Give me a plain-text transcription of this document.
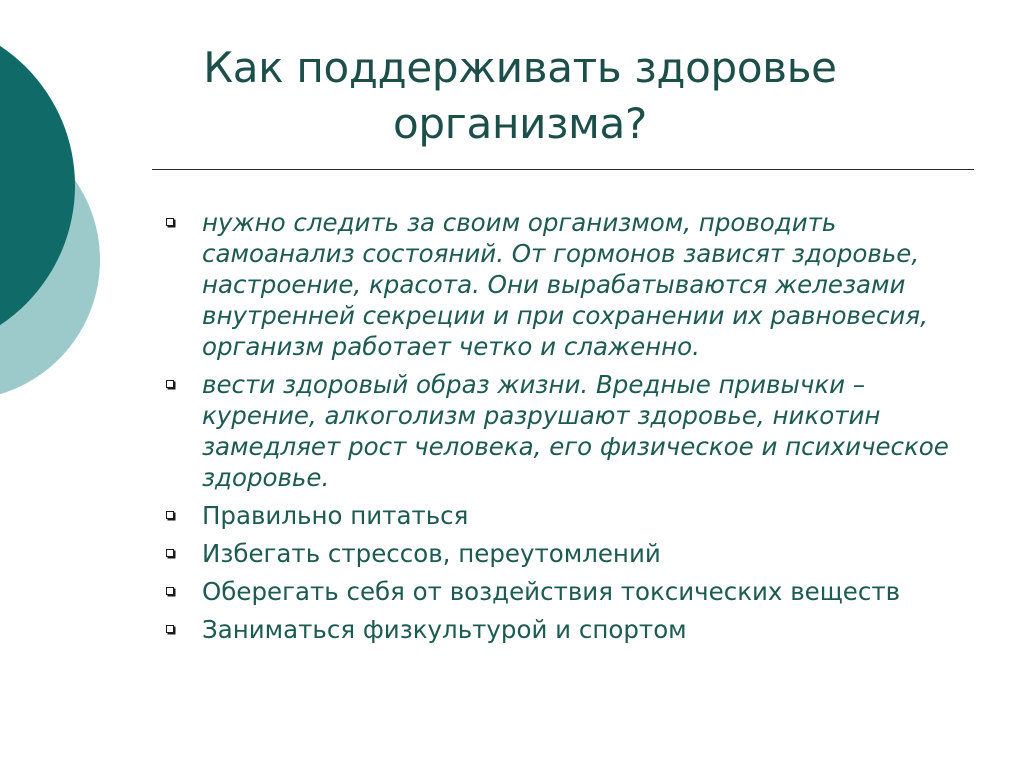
Как поддерживать здоровье
организма?
нужно следить за своим организмом, проводить самоанализ состояний. От гормонов зависят здоровье, настроение, красота. Они вырабатываются железами внутренней секреции и при сохранении их равновесия, организм работает четко и слаженно.
вести здоровый образ жизни. Вредные привычки – курение, алкоголизм разрушают здоровье, никотин замедляет рост человека, его физическое и психическое здоровье.
Правильно питаться
Избегать стрессов, переутомлений
Оберегать себя от воздействия токсических веществ
Заниматься физкультурой и спортом
